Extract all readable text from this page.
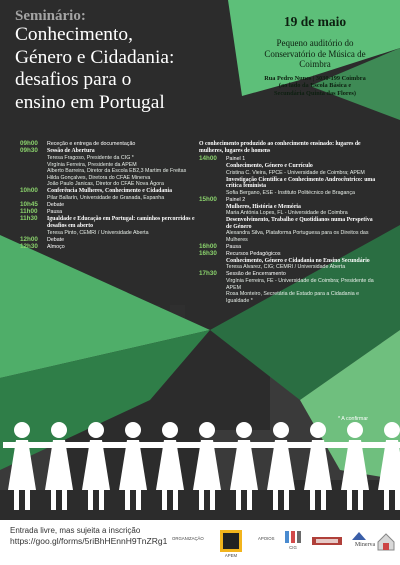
Seminário:
Conhecimento,
Género e Cidadania:
desafios para o
ensino em Portugal
19 de maio
Pequeno auditório do
Conservatório de Música de
Coimbra
Rua Pedro Nunes | 3030-199 Coimbra
(ao lado da Escola Básica e
Secundária Quinta das Flores)
09h00	Receção e entrega de documentação
09h30	Sessão de Abertura
Teresa Fragoso, Presidente da CIG *
Virgínia Ferreira, Presidente da APEM
Alberto Barreira, Diretor da Escola EB2,3 Martim de Freitas
Hilda Gonçalves, Diretora do CFAE Minerva
João Paulo Janicas, Diretor do CFAE Nova Ágora
10h00	Conferência Mulheres, Conhecimento e Cidadania
Pilar Ballarín, Universidade de Granada, Espanha
10h45	Debate
11h00	Pausa
11h30	Igualdade e Educação em Portugal: caminhos percorridos e desafios em aberto
Teresa Pinto, CEMRI / Universidade Aberta
12h00	Debate
12h30	Almoço
O conhecimento produzido ao conhecimento ensinado: lugares de mulheres, lugares de homens
14h00	Painel 1
Conhecimento, Género e Currículo
Cristina C. Vieira, FPCE - Universidade de Coimbra; APEM
Investigação Científica e Conhecimento Androcêntrico: uma crítica feminista
Sofia Bergano, ESE - Instituto Politécnico de Bragança
15h00	Painel 2
Mulheres, História e Memória
Maria Antónia Lopes, FL - Universidade de Coimbra
Desenvolvimento, Trabalho e Quotidianos numa Perspetiva de Género
Alexandra Silva, Plataforma Portuguesa para os Direitos das Mulheres
16h00	Pausa
16h30	Recursos Pedagógicos
Conhecimento, Género e Cidadania no Ensino Secundário
Teresa Alvarez, CIG; CEMRI / Universidade Aberta
17h30	Sessão de Encerramento
Virgínia Ferreira, FE - Universidade de Coimbra; Presidente da APEM
Rosa Monteiro, Secretária de Estado para a Cidadania e Igualdade *
* A confirmar
Entrada livre, mas sujeita a inscrição
https://goo.gl/forms/5riBhHEnnH9TnZRg1 ORGANIZAÇÃO
APEM
APOIOS
CIG	Minerva
